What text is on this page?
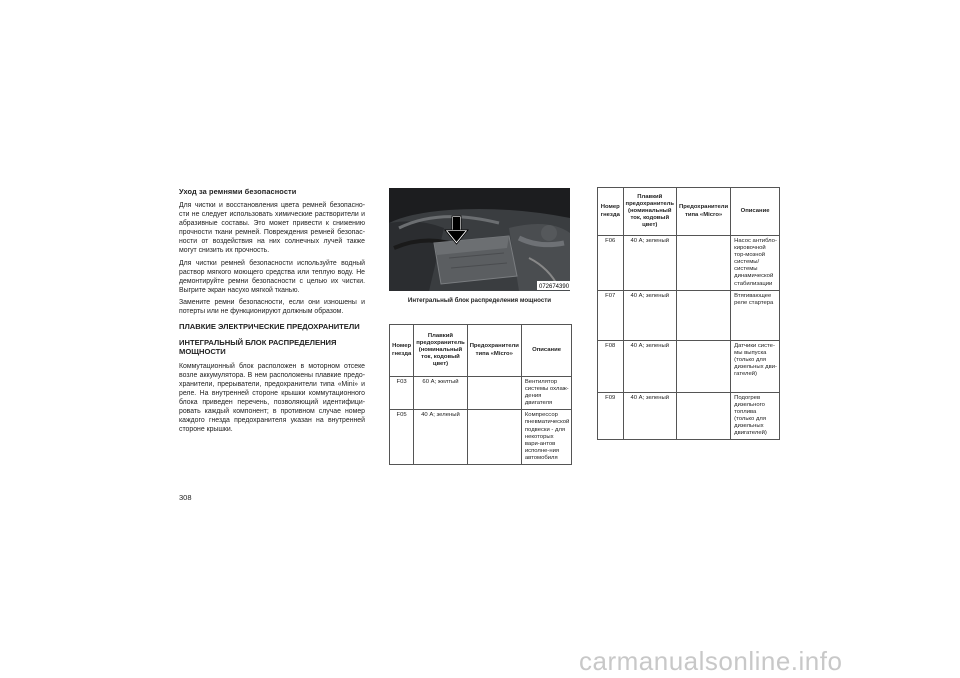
Уход за ремнями безопасности

Для чистки и восстановления цвета ремней безопасно-сти не следует использовать химические растворители и абразивные составы. Это может привести к снижению прочности ткани ремней. Повреждения ремней безопас-ности от воздействия на них солнечных лучей также могут снизить их прочность.

Для чистки ремней безопасности используйте водный раствор мягкого моющего средства или теплую воду. Не демонтируйте ремни безопасности с целью их чистки. Выгрите экран насухо мягкой тканью.

Замените ремни безопасности, если они изношены и потерты или не функционируют должным образом.

ПЛАВКИЕ ЭЛЕКТРИЧЕСКИЕ ПРЕДОХРАНИТЕЛИ
ИНТЕГРАЛЬНЫЙ БЛОК РАСПРЕДЕЛЕНИЯ МОЩНОСТИ

Коммутационный блок расположен в моторном отсеке возле аккумулятора. В нем расположены плавкие предо-хранители, прерыватели, предохранители типа «Mini» и реле. На внутренней стороне крышки коммутационного блока приведен перечень, позволяющий идентифици-ровать каждый компонент; в противном случае номер каждого гнезда предохранителя указан на внутренней стороне крышки.

308
072674390
Интегральный блок распределения мощности
Номер гнезда	Плавкий предохранитель (номинальный ток, кодовый цвет)	Предохранители типа «Micro»	Описание
F03	60 А; желтый		Вентилятор системы охлаж-дения двигателя
F05	40 А; зеленый		Компрессор пневматической подвески - для некоторых вари-антов исполне-ния автомобиля
Номер гнезда	Плавкий предохранитель (номинальный ток, кодовый цвет)	Предохранители типа «Micro»	Описание
F06	40 А; зеленый		Насос антибло-кировочной тор-мозной системы/ системы динамической стабилизации
F07	40 А; зеленый		Втягивающее реле стартера
F08	40 А; зеленый		Датчики систе-мы выпуска (только для дизельных дви-гателей)
F09	40 А; зеленый		Подогрев дизельного топлива (только для дизельных двигателей)
carmanualsonline.info
